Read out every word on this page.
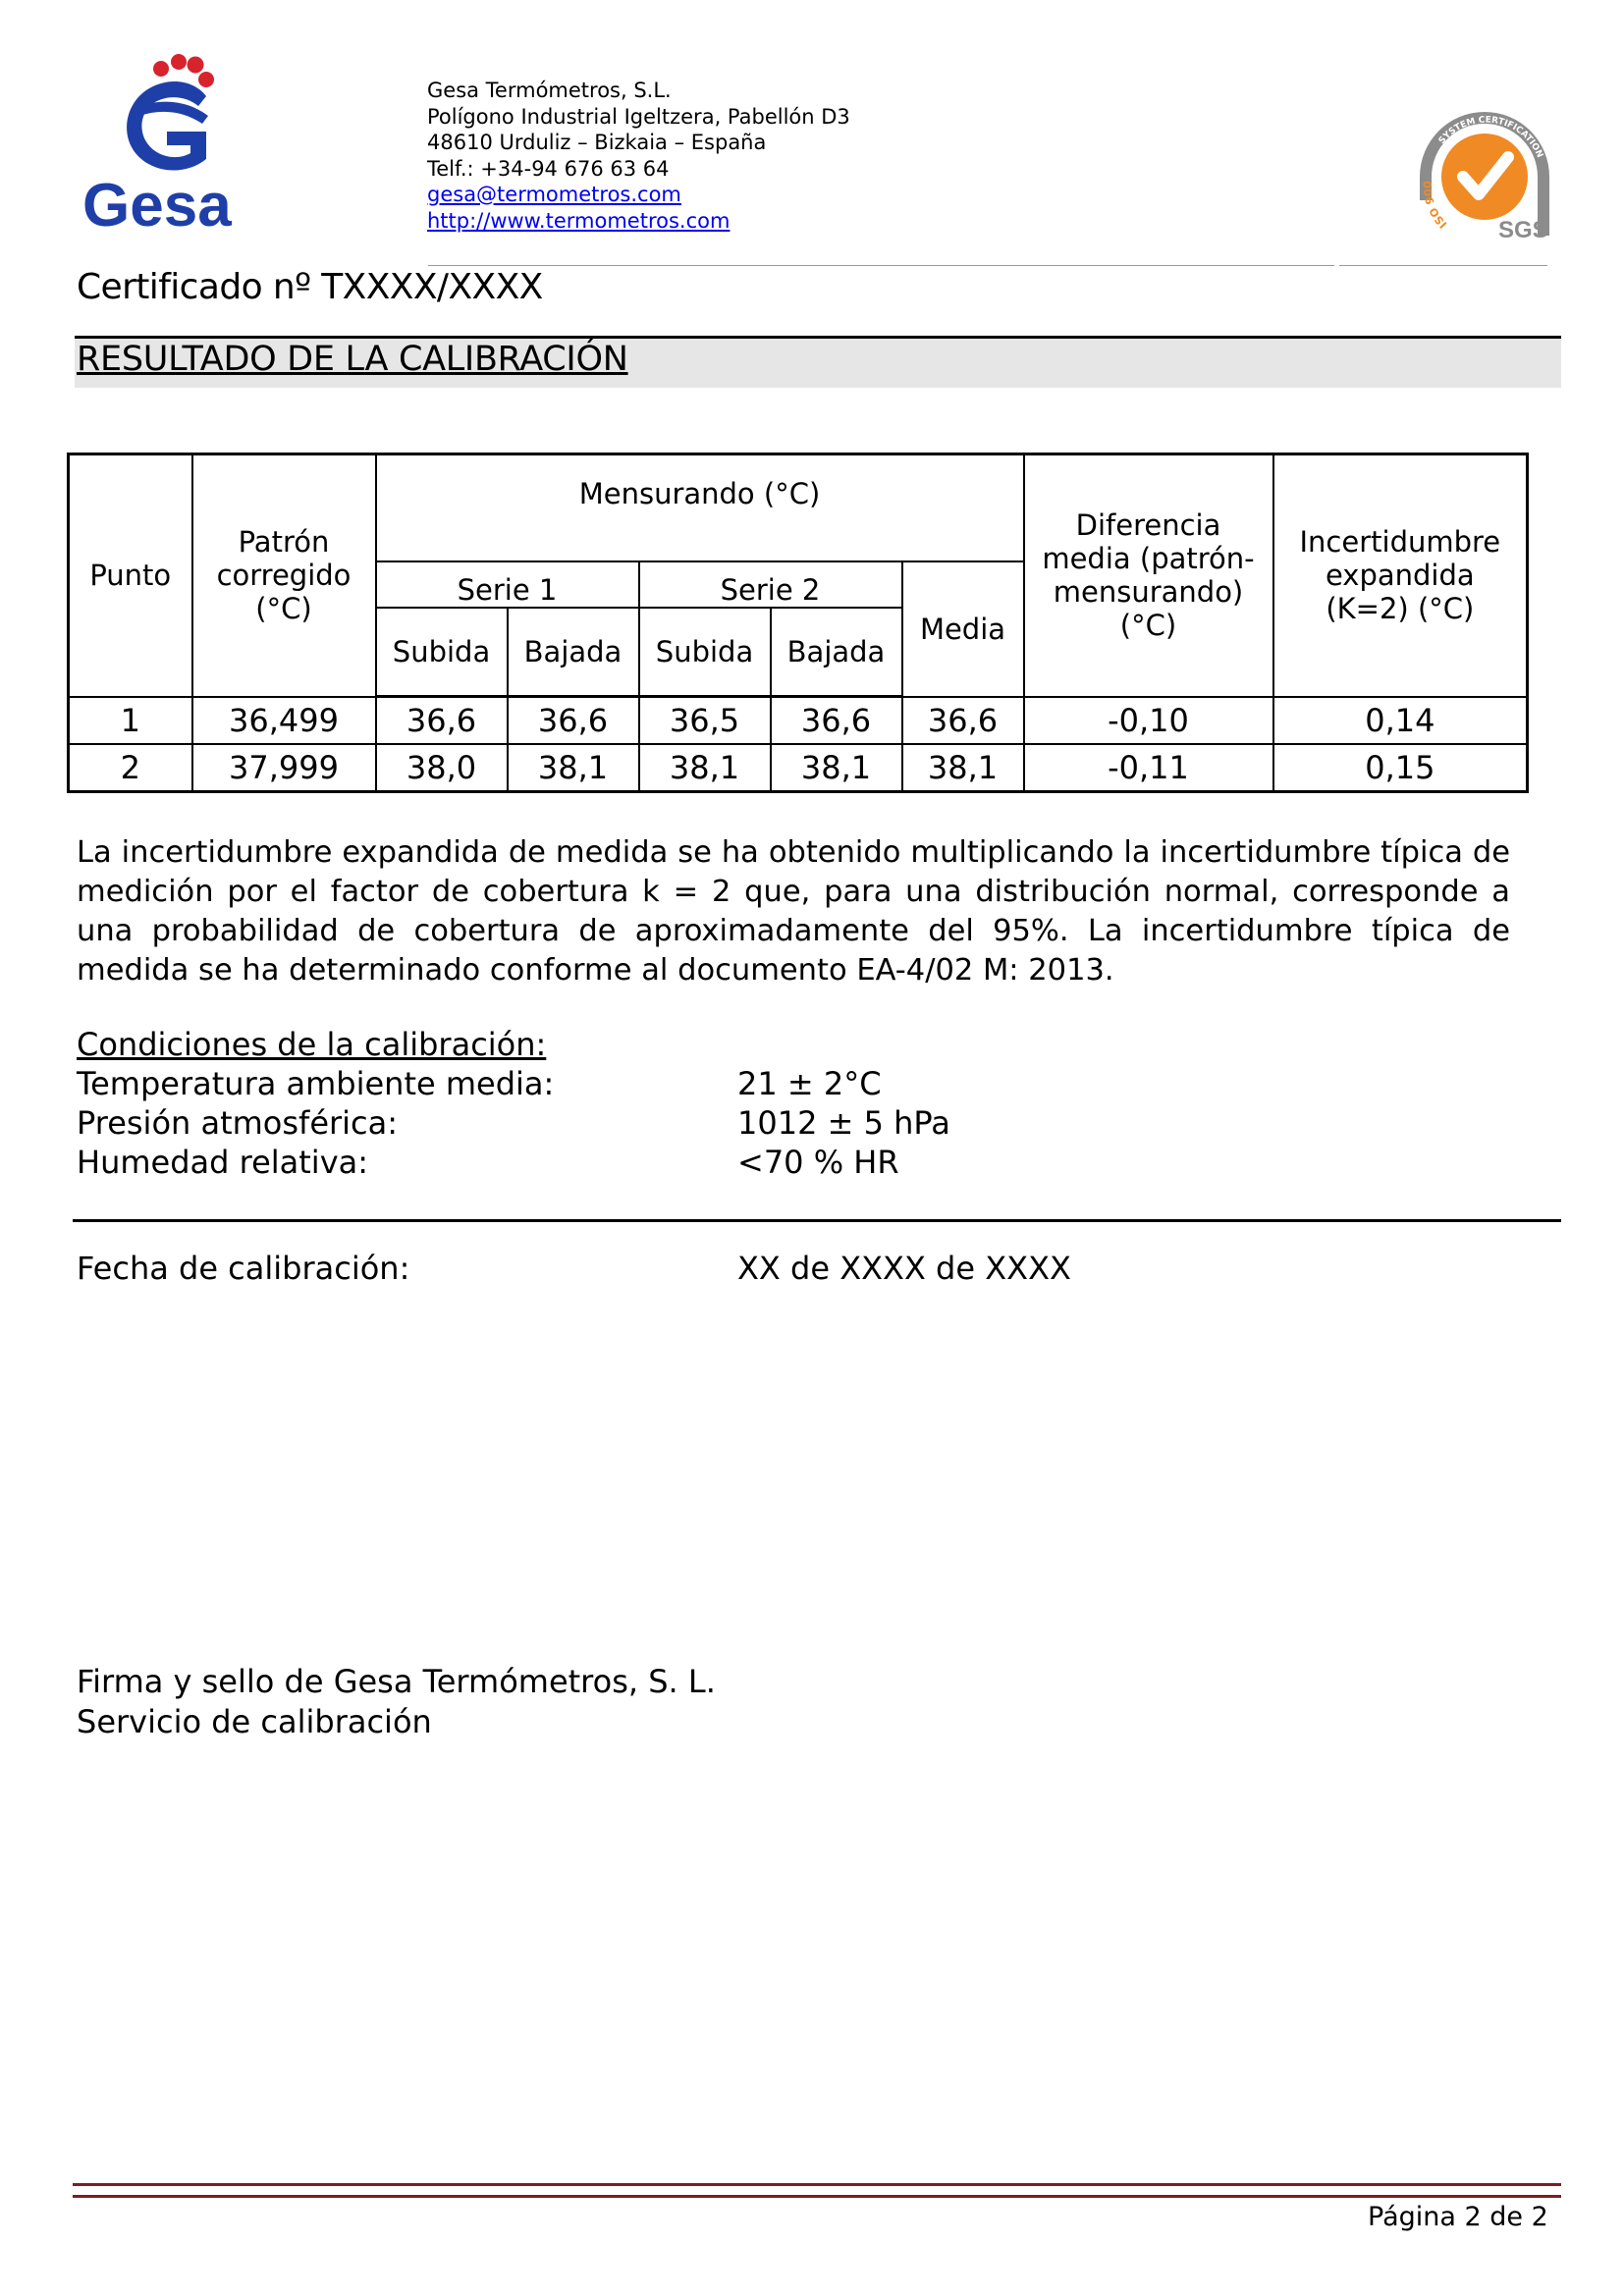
Gesa
Gesa Termómetros, S.L.
Polígono Industrial Igeltzera, Pabellón D3
48610 Urduliz – Bizkaia – España
Telf.: +34-94 676 63 64
gesa@termometros.com
http://www.termometros.com
SYSTEM CERTIFICATION
ISO 900
SGS
Certificado nº TXXXX/XXXX
RESULTADO DE LA CALIBRACIÓN
Punto	Patrón corregido (°C)	Mensurando (°C)					Diferencia media (patrón-mensurando) (°C)	Incertidumbre expandida (K=2) (°C)
		Serie 1		Serie 2		Media		
		Subida	Bajada	Subida	Bajada			
1	36,499	36,6	36,6	36,5	36,6	36,6	-0,10	0,14
2	37,999	38,0	38,1	38,1	38,1	38,1	-0,11	0,15
La incertidumbre expandida de medida se ha obtenido multiplicando la incertidumbre típica de medición por el factor de cobertura k = 2 que, para una distribución normal, corresponde a una probabilidad de cobertura de aproximadamente del 95%. La incertidumbre típica de medida se ha determinado conforme al documento EA-4/02 M: 2013.
Condiciones de la calibración:
Temperatura ambiente media:	21 ± 2°C
Presión atmosférica:	1012 ± 5 hPa
Humedad relativa:	<70 % HR
Fecha de calibración:	XX de XXXX de XXXX
Firma y sello de Gesa Termómetros, S. L.
Servicio de calibración
Página 2 de 2
